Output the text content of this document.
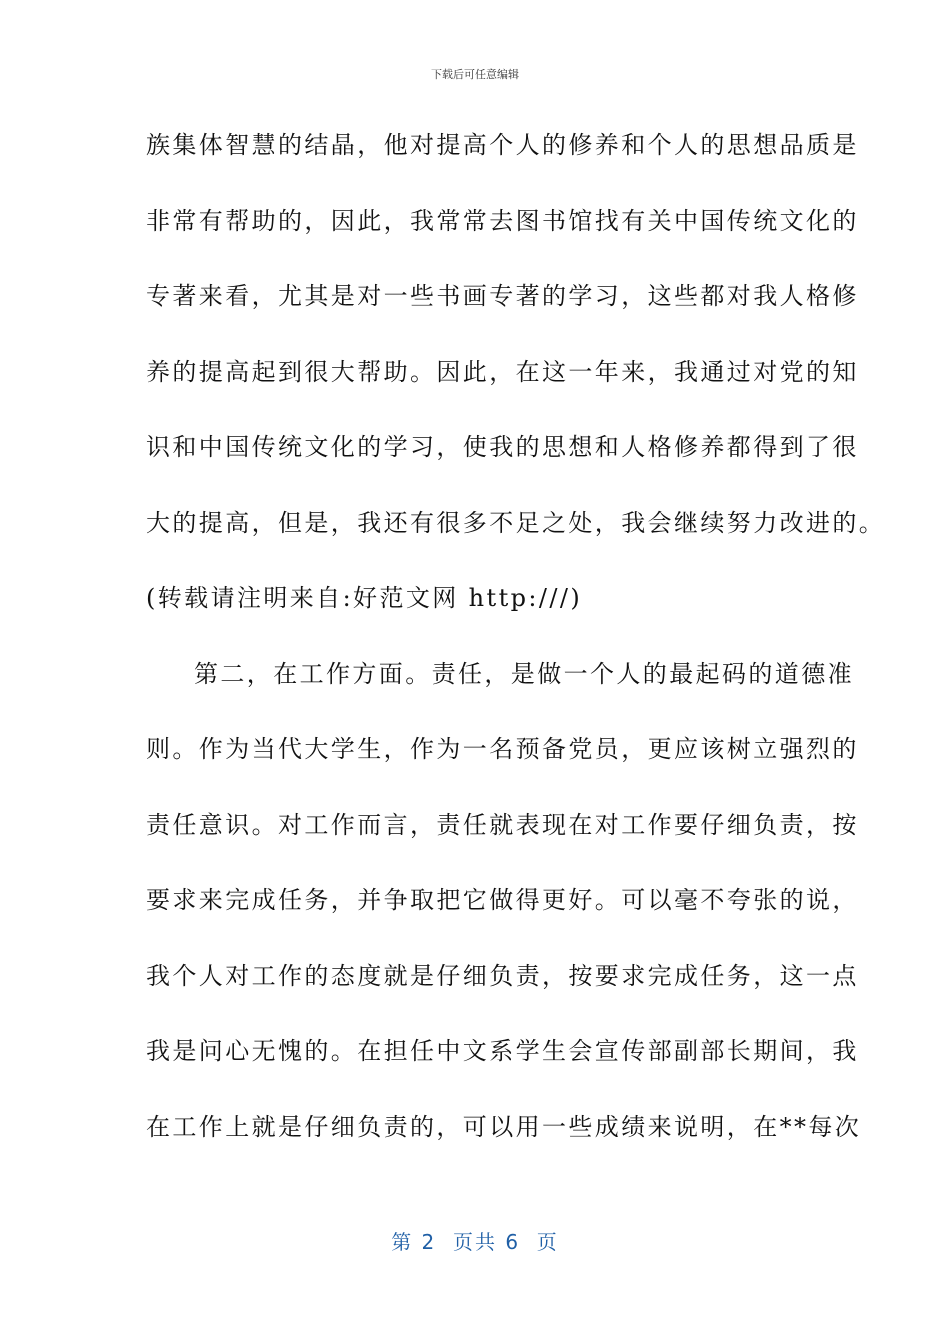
下载后可任意编辑
族集体智慧的结晶，他对提高个人的修养和个人的思想品质是
非常有帮助的，因此，我常常去图书馆找有关中国传统文化的
专著来看，尤其是对一些书画专著的学习，这些都对我人格修
养的提高起到很大帮助。因此，在这一年来，我通过对党的知
识和中国传统文化的学习，使我的思想和人格修养都得到了很
大的提高，但是，我还有很多不足之处，我会继续努力改进的。
(转载请注明来自:好范文网 http:///)
第二，在工作方面。责任，是做一个人的最起码的道德准
则。作为当代大学生，作为一名预备党员，更应该树立强烈的
责任意识。对工作而言，责任就表现在对工作要仔细负责，按
要求来完成任务，并争取把它做得更好。可以毫不夸张的说，
我个人对工作的态度就是仔细负责，按要求完成任务，这一点
我是问心无愧的。在担任中文系学生会宣传部副部长期间，我
在工作上就是仔细负责的，可以用一些成绩来说明，在**每次
第 2  页共 6  页
